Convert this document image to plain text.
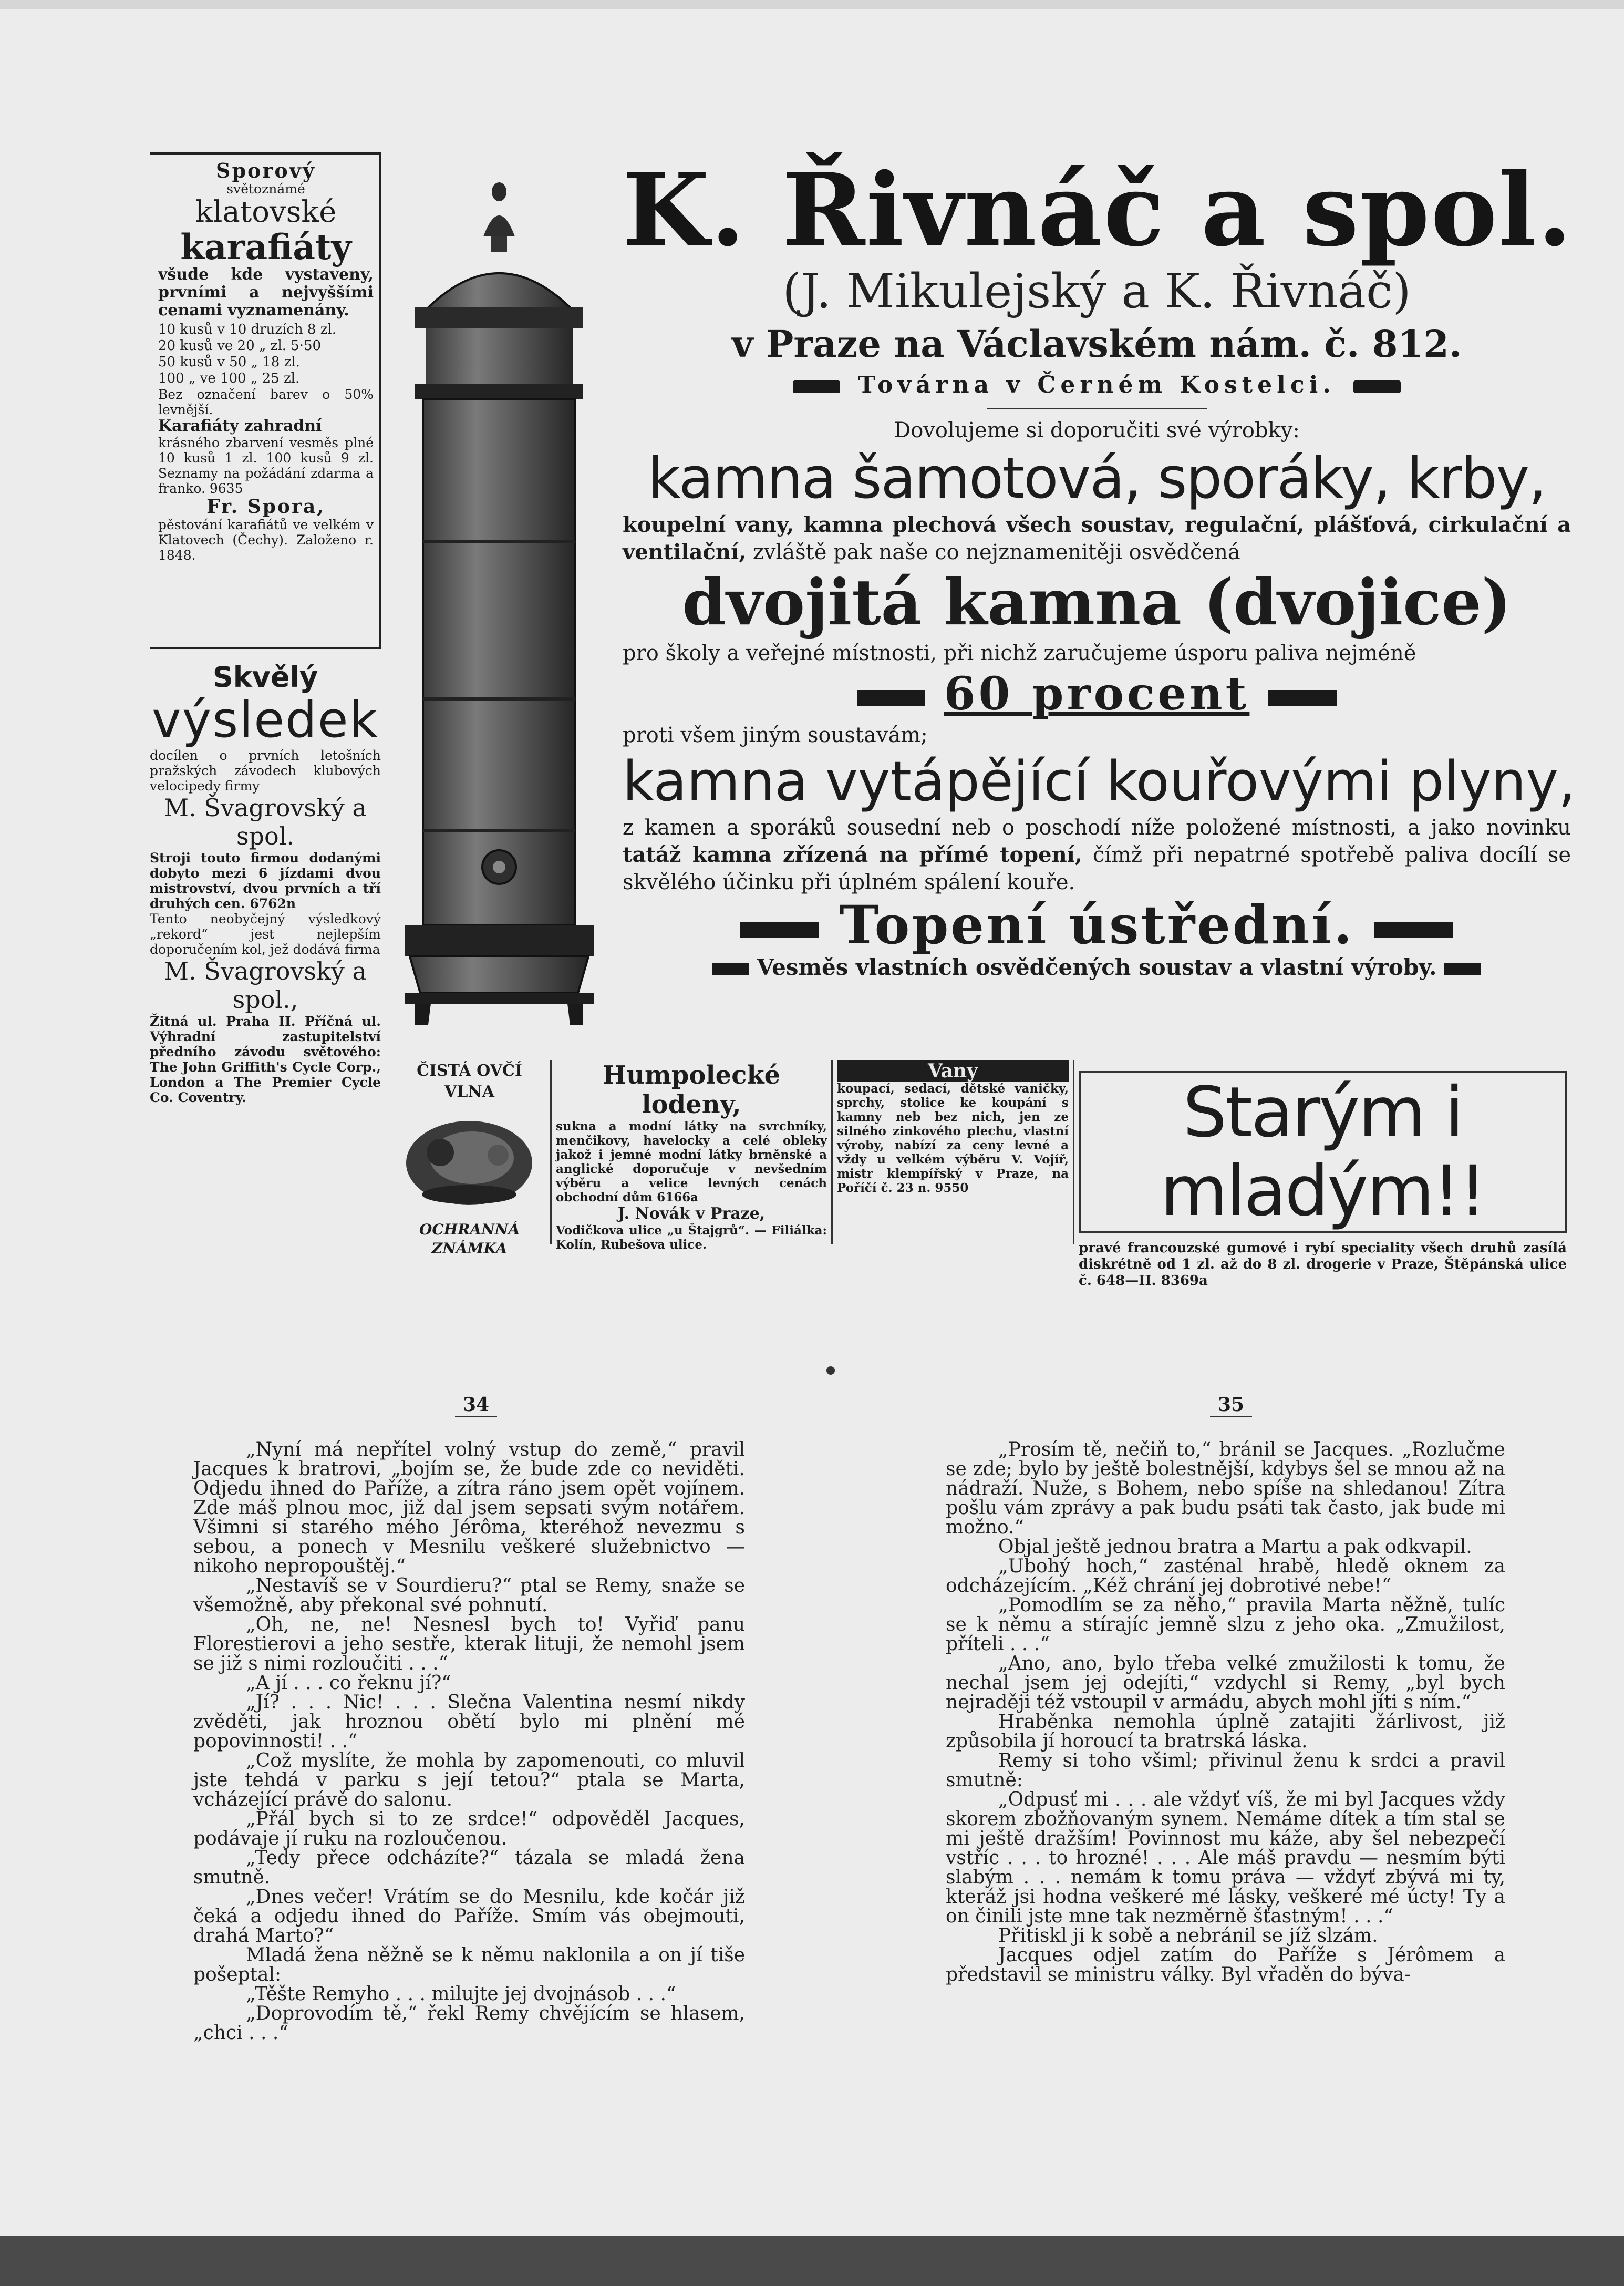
Sporový
světoznámé
klatovské
karafiáty
všude kde vystaveny, prvními a nejvyššími cenami vyznamenány.
10 kusů v 10 druzích 8 zl.
20 kusů ve 20 „ zl. 5·50
50 kusů v 50 „ 18 zl.
100 „ ve 100 „ 25 zl.
Bez označení barev o 50% levnější.
Karafiáty zahradní
krásného zbarvení vesměs plné 10 kusů 1 zl. 100 kusů 9 zl. Seznamy na požádání zdarma a franko. 9635
Fr. Spora,
pěstování karafiátů ve velkém v Klatovech (Čechy). Založeno r. 1848.
Skvělý
výsledek
docílen o prvních letošních pražských závodech klubových velocipedy firmy
M. Švagrovský a spol.
Stroji touto firmou dodanými dobyto mezi 6 jízdami dvou mistrovství, dvou prvních a tří druhých cen. 6762n
Tento neobyčejný výsledkový „rekord“ jest nejlepším doporučením kol, jež dodává firma
M. Švagrovský a spol.,
Žitná ul. Praha II. Příčná ul. Výhradní zastupitelství předního závodu světového: The John Griffith's Cycle Corp., London a The Premier Cycle Co. Coventry.
K. Řivnáč a spol.
(J. Mikulejský a K. Řivnáč)
v Praze na Václavském nám. č. 812.
Továrna v Černém Kostelci.
Dovolujeme si doporučiti své výrobky:
kamna šamotová, sporáky, krby,
koupelní vany, kamna plechová všech soustav, regulační, plášťová, cirkulační a ventilační, zvláště pak naše co nejznamenitěji osvědčená
dvojitá kamna (dvojice)
pro školy a veřejné místnosti, při nichž zaručujeme úsporu paliva nejméně
60 procent
proti všem jiným soustavám;
kamna vytápějící kouřovými plyny,
z kamen a sporáků sousední neb o poschodí níže položené místnosti, a jako novinku tatáž kamna zřízená na přímé topení, čímž při nepatrné spotřebě paliva docílí se skvělého účinku při úplném spálení kouře.
Topení ústřední.
Vesměs vlastních osvědčených soustav a vlastní výroby.
ČISTÁ OVČÍ VLNA
OCHRANNÁ ZNÁMKA
Humpolecké lodeny,
sukna a modní látky na svrchníky, menčikovy, havelocky a celé obleky jakož i jemné modní látky brněnské a anglické doporučuje v nevšedním výběru a velice levných cenách obchodní dům 6166a
J. Novák v Praze,
Vodičkova ulice „u Štajgrů“. — Filiálka: Kolín, Rubešova ulice.
Vany
koupací, sedací, dětské vaničky, sprchy, stolice ke koupání s kamny neb bez nich, jen ze silného zinkového plechu, vlastní výroby, nabízí za ceny levné a vždy u velkém výběru V. Vojíř, mistr klempířský v Praze, na Poříčí č. 23 n. 9550
Starým i mladým!!
pravé francouzské gumové i rybí speciality všech druhů zasílá diskrétně od 1 zl. až do 8 zl. drogerie v Praze, Štěpánská ulice č. 648—II. 8369a
34	35

„Nyní má nepřítel volný vstup do země,“ pravil Jacques k bratrovi, „bojím se, že bude zde co neviděti. Odjedu ihned do Paříže, a zítra ráno jsem opět vojínem. Zde máš plnou moc, již dal jsem sepsati svým notářem. Všimni si starého mého Jérôma, kteréhož nevezmu s sebou, a ponech v Mesnilu veškeré služebnictvo — nikoho nepropouštěj.“

„Nestavíš se v Sourdieru?“ ptal se Remy, snaže se všemožně, aby překonal své pohnutí.

„Oh, ne, ne! Nesnesl bych to! Vyřiď panu Florestierovi a jeho sestře, kterak lituji, že nemohl jsem se již s nimi rozloučiti . . .“

„A jí . . . co řeknu jí?“

„Jí? . . . Nic! . . . Slečna Valentina nesmí nikdy zvěděti, jak hroznou obětí bylo mi plnění mé popovinnosti! . .“

„Což myslíte, že mohla by zapomenouti, co mluvil jste tehdá v parku s její tetou?“ ptala se Marta, vcházející právě do salonu.

„Přál bych si to ze srdce!“ odpověděl Jacques, podávaje jí ruku na rozloučenou.

„Tedy přece odcházíte?“ tázala se mladá žena smutně.

„Dnes večer! Vrátím se do Mesnilu, kde kočár již čeká a odjedu ihned do Paříže. Smím vás obejmouti, drahá Marto?“

Mladá žena něžně se k němu naklonila a on jí tiše pošeptal:

„Těšte Remyho . . . milujte jej dvojnásob . . .“

„Doprovodím tě,“ řekl Remy chvějícím se hlasem, „chci . . .“

„Prosím tě, nečiň to,“ bránil se Jacques. „Rozlučme se zde; bylo by ještě bolestnější, kdybys šel se mnou až na nádraží. Nuže, s Bohem, nebo spíše na shledanou! Zítra pošlu vám zprávy a pak budu psáti tak často, jak bude mi možno.“

Objal ještě jednou bratra a Martu a pak odkvapil.

„Ubohý hoch,“ zasténal hrabě, hledě oknem za odcházejícím. „Kéž chrání jej dobrotivé nebe!“

„Pomodlím se za něho,“ pravila Marta něžně, tulíc se k němu a stírajíc jemně slzu z jeho oka. „Zmužilost, příteli . . .“

„Ano, ano, bylo třeba velké zmužilosti k tomu, že nechal jsem jej odejíti,“ vzdychl si Remy, „byl bych nejraději též vstoupil v armádu, abych mohl jíti s ním.“

Hraběnka nemohla úplně zatajiti žárlivost, již způsobila jí horoucí ta bratrská láska.

Remy si toho všiml; přivinul ženu k srdci a pravil smutně:

„Odpusť mi . . . ale vždyť víš, že mi byl Jacques vždy skorem zbožňovaným synem. Nemáme dítek a tím stal se mi ještě dražším! Povinnost mu káže, aby šel nebezpečí vstříc . . . to hrozné! . . . Ale máš pravdu — nesmím býti slabým . . . nemám k tomu práva — vždyť zbývá mi ty, kteráž jsi hodna veškeré mé lásky, veškeré mé úcty! Ty a on činili jste mne tak nezměrně šťastným! . . .“

Přitiskl ji k sobě a nebránil se jíž slzám.

Jacques odjel zatím do Paříže s Jérômem a představil se ministru války. Byl vřaděn do býva-
